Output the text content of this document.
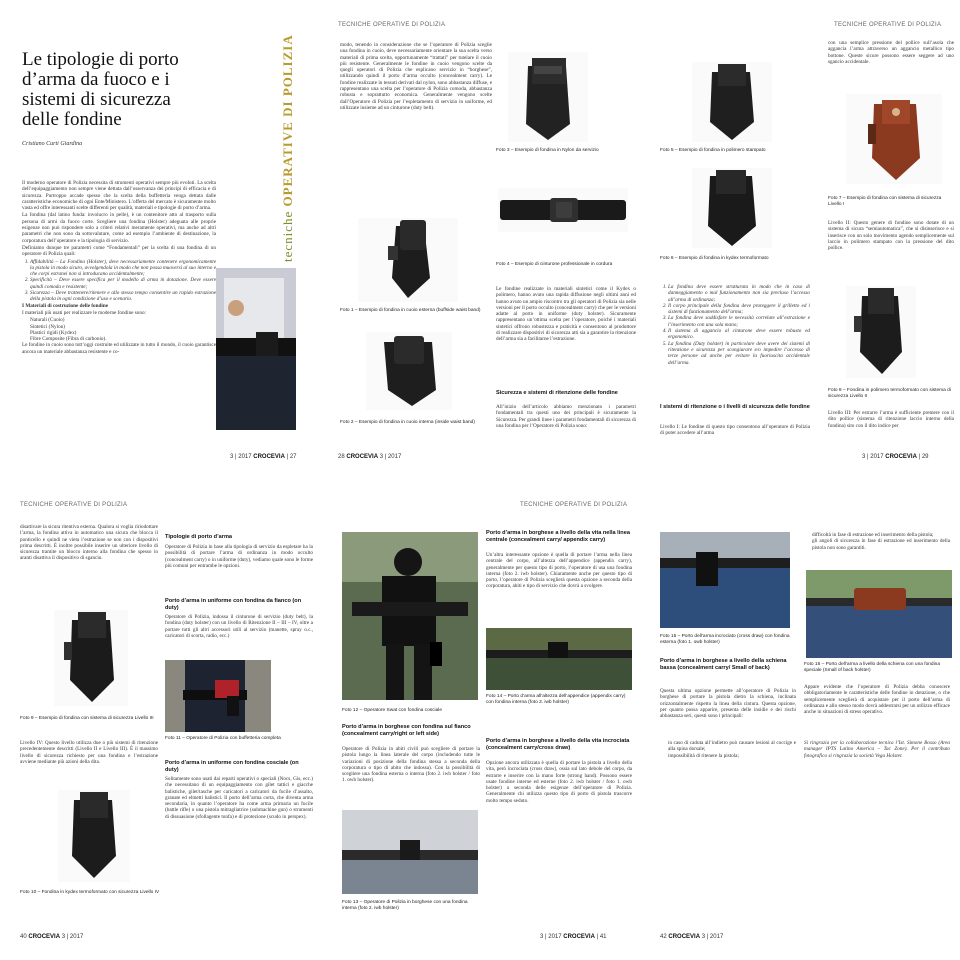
Le tipologie di porto d’arma da fuoco e i sistemi di sicurezza delle fondine
Cristiano Curti Giardina
tecniche OPERATIVE DI POLIZIA

Il moderno operatore di Polizia necessita di strumenti operativi sempre più evoluti. La scelta dell’equipaggiamento non sempre viene dettata dall’osservanza dei principi di efficacia e di sicurezza. Purtroppo accade spesso che la scelta della buffetteria venga dettata dalle caratteristiche economiche di ogni Ente/Ministero. L’offerta del mercato è sicuramente molto vasta ed offre interessanti scelte differenti per qualità, materiali e tipologie di porto d’arma.

La fondina (dal latino funda: involucro in pelle), è un contenitore atto al trasporto sulla persona di armi da fuoco corte. Scegliere una fondina (Holster) adeguata alle proprie esigenze non può rispondere solo a criteri relativi meramente operativi, ma anche ad altri parametri che non sono da sottovalutare, come ad esempio l’ambiente di destinazione, la corporatura dell’operatore e la tipologia di servizio.

Definiamo dunque tre parametri come “Fondamentali” per la scelta di una fondina di un operatore di Polizia quali:

1. Affidabilità – La Fondina (Holster), deve necessariamente contenere ergonomicamente la pistola in modo sicuro, avvolgendola in modo che non possa muoversi al suo interno e che corpi estranei non si introducano accidentalmente;
2. Specificità – Deve essere specifica per il modello di arma in dotazione. Deve essere quindi comoda e resistente;
3. Sicurezza – Deve trattenere/ritenere e allo stesso tempo consentire un rapido estrazione della pistola in ogni condizione d’uso e scenario.

I Materiali di costruzione delle fondine

I materiali più usati per realizzare le moderne fondine sono:

• Naturali (Cuoio)
• Sintetici (Nylon)
• Plastici rigidi (Kydex)
• Fibre Composite (Fibra di carbonio).

Le fondine in cuoio sono tutt’oggi costruite ed utilizzate in tutto il mondo, il cuoio garantisce ancora un materiale abbastanza resistente e co-

3 | 2017 CROCEVIA | 27
TECNICHE OPERATIVE DI POLIZIA
modo, tenendo in considerazione che se l’operatore di Polizia sceglie una fondina in cuoio, deve necessariamente orientare la sua scelta verso materiali di prima scelta, opportunamente “trattati” per tutelare il cuoio più resistente. Generalmente le fondine in cuoio vengono scelte da quegli operatori di Polizia che esplicano servizio in “borghese”, utilizzando quindi il porto d’arma occulto (concealment carry). Le fondine realizzate in tessuti derivati dal nylon, sono abbastanza diffuse, e rappresentano una scelta per l’operatore di Polizia comoda, abbastanza robusta e soprattutto economica. Generalmente vengono scelte dall’Operatore di Polizia per l’espletamento di servizio in uniforme, ed utilizzate insieme ad un cinturone (duty belt).
Foto 1 – Esempio di fondina in cuoio esterna (buffside waist band)
Foto 2 – Esempio di fondina in cuoio interna (inside waist band)
Foto 3 – Esempio di fondina in Nylon da servizio
Foto 4 – Esempio di cinturone professionale in cordura
Le fondine realizzate in materiali sintetici come il Kydex o polimero, hanno avuto una rapida diffusione negli ultimi anni ed hanno avuto un ampio riscontro tra gli operatori di Polizia sia nelle versioni per il porto occulto (concealment carry) che per le versioni adatte al porto in uniforme (duty holster). Sicuramente rappresentano un’ottima scelta per l’operatore, poiché i materiali sintetici offrono robustezza e praticità e consentono al produttore di realizzare dispositivi di sicurezza atti sia a garantire la ritenzione dell’arma sia a facilitarne l’estrazione.
Sicurezza e sistemi di ritenzione delle fondine
All’inizio dell’articolo abbiamo menzionato i parametri fondamentali tra questi uno dei principali è sicuramente la Sicurezza. Per grandi linee i parametri fondamentali di sicurezza di una fondina per l’Operatore di Polizia sono:
28 CROCEVIA 3 | 2017
TECNICHE OPERATIVE DI POLIZIA
Foto 5 – Esempio di fondina in polimero stampato
Foto 6 – Esempio di fondina in kydex termoformato
1. La fondina deve essere strutturata in modo che in caso di danneggiamento o mal funzionamento non sia precluso l’accesso all’arma di ordinanza;
2. Il corpo principale della fondina deve proteggere il grilletto ed i sistemi di funzionamento dell’arma;
3. La fondina deve soddisfare le necessità correlate all’estrazione e l’inserimento con una sola mano;
4. Il sistema di aggancio al cinturone deve essere robusto ed ergonomico.
5. La fondina (Duty holster) in particolare deve avere dei sistemi di ritenzione e sicurezza per scongiurare e/o impedire l’accesso di terze persone ad anche per evitare la fuoriuscita accidentale dell’arma.
I sistemi di ritenzione o i livelli di sicurezza delle fondine
Livello I: Le fondine di questo tipo consentono all’operatore di Polizia di poter accedere all’arma
con una semplice pressione del pollice sull’asola che aggancia l’arma attraverso un aggancio metallico tipo bottone. Queste sicure possono essere seggere ad uno sgancio accidentale.
Foto 7 – Esempio di fondina con sistema di sicurezza Livello I
Livello II: Questo genere di fondine sono dotate di un sistema di sicura “semiautomatica”, che si disinserisce e si inserisce con un solo movimento agendo semplicemente sul laccio in polimero stampato con la pressione del dito pollice.
Foto 8 – Fondina in polimero termoformato con sistema di sicurezza Livello II
Livello III: Per estrarre l’arma è sufficiente premere con il dito pollice (sistema di ritenzione laccio interno della fondina) sito con il dito indice per
3 | 2017 CROCEVIA | 29
TECNICHE OPERATIVE DI POLIZIA
disattivare la sicura ritentiva esterna. Qualora si voglia ririodottare l’arma, la fondina attiva in automatico una sicura che blocca il ponticello e quindi ne vieta l’estrazione se non con i dispositivi prima descritti. È inoltre possibile inserire un ulteriore livello di sicurezza tramite un blocco interno alla fondina che spesso in aranti disattiva il dispositivo di sgancio.
Foto 9 – Esempio di fondina con sistema di sicurezza Livello III
Livello IV: Questo livello utilizza due o più sistemi di ritenzione precedentemente descritti (Livello II e Livello III). È il massimo livello di sicurezza richiesto per una fondina e l’estrazione avviene mediante più azioni della dita.
Foto 10 – Fondina in kydex termoformato con sicurezza Livello IV
Tipologie di porto d’arma
Operatore di Polizia in base alla tipologia di servizio da espletare ha la possibilità di portare l’arma di ordinanza in modo occulto (concealment carry) o in uniforme (duty), vediamo quale sono le forme più comuni per entrambe le opzioni.
Porto d’arma in uniforme con fondina da fianco (on duty)
Operatore di Polizia, indossa il cinturone di servizio (duty belt), la fondina (duty holster) con un livello di Ritenzione II – III – IV, oltre a portare tutti gli altri accessori utili al servizio (manette, spray o.c., caricatori di scorta, radio, ecc.)
Foto 11 – Operatore di Polizia con buffetteria completa
Porto d’arma in uniforme con fondina cosciale (on duty)
Solitamente sono usati dai reparti operativi o speciali (Nocs, Gis, ecc.) che necessitano di un equipaggiamento con gilet tattici e giacche balistiche, gilet/tasche per caricatori a caricatori da fucile d’assalto, granate ed elmetti balistici. Il porto dell’arma corta, che diventa arma secondaria, in quanto l’operatore ha come arma primaria un fucile (battle rifle) o una pistola mitragliatrice (submachine gun) o strumenti di dissuasione (sfollagente tonfa) e di protezione (scudo in perspex).
40 CROCEVIA 3 | 2017
TECNICHE OPERATIVE DI POLIZIA
Foto 12 – Operatore Swat con fondina cosciale
Porto d’arma in borghese con fondina sul fianco (concealment carry/right or left side)
Operatore di Polizia in abiti civili può scegliere di portare la pistola lungo la linea laterale del corpo (includendo tutte le variazioni di posizione della fondina stessa a seconda della corporatura o tipo di abito che indossa). Con la possibilità di scegliere una fondina esterna o interna (foto 2. iwb holster / foto 1. owb holster).
Foto 13 – Operatore di Polizia in borghese con una fondina interna (foto 2. iwb holster)
Porto d’arma in borghese a livello della vita nella linea centrale (concealment carry/ appendix carry)
Un’altra interessante opzione è quella di portare l’arma nella linea centrale del corpo, all’altezza dell’appendice (appendix carry), generalmente per questo tipo di porto, l’operatore di usa una fondina interna (foto 2. iwb holster). Chiaramente anche per questo tipo di porto, l’operatore di Polizia sceglierà questa opzione a seconda della corporatura, abiti e tipo di servizio che dovrà a svolgere.
Foto 14 – Porto d’arma all’altezza dell’appendice (appendix carry) con fondina interna (foto 2. iwb holster)
Porto d’arma in borghese a livello della vita incrociata (concealment carry/cross draw)
Opzione ancora utilizzata è quella di portare la pistola a livello della vita, però incrociata (cross draw), ossia sul lato debole del corpo, da estrarre e inserire con la mano forte (strong hand). Possono essere usate fondine interne ed esterne (foto 2. iwb holster / foto 1. owb holster) a seconda delle esigenze dell’operatore di Polizia. Generalmente chi utilizza questo tipo di porto di pistola trascorre molto tempo seduto.
3 | 2017 CROCEVIA | 41
Foto 15 – Porto dell’arma incrociato (cross draw) con fondina esterna (foto 1. owb holster)
Porto d’arma in borghese a livello della schiena bassa (concealment carry/ Small of back)
Questa ultima opzione permette all’operatore di Polizia in borghese di portare la pistola dietro la schiena, inclinata orizzontalmente rispetto la linea della cintura. Questa opzione, per quanto possa apparire, presenta delle insidie e dei rischi abbastanza seri, questi sono i principali:
• in caso di caduta all’indietro può causare lesioni al coccige e alla spina dorsale;
• impossibilità di ritenere la pistola;
• difficoltà in fase di estrazione ed inserimento della pistola;
• gli angoli di sicurezza in fase di estrazione ed inserimento della pistola non sono garantiti.
Foto 16 – Porto dell’arma a livello della schiena con una fondina speciale (Small of back holster)
Appare evidente che l’operatore di Polizia debba conoscere obbligatoriamente le caratteristiche delle fondine in dotazione, o che semplicemente sceglierà di acquistare per il porto dell’arma di ordinanza e allo stesso modo dovrà addestrarsi per un utilizzo efficace anche in situazioni di stress operativo.
Si ringrazia per la collaborazione tecnica l’Ist. Simone Bosso (Area manager IPTS Latino America – Tac Zone). Per il contributo fotografico si ringrazia la società Vega Holster.
42 CROCEVIA 3 | 2017
